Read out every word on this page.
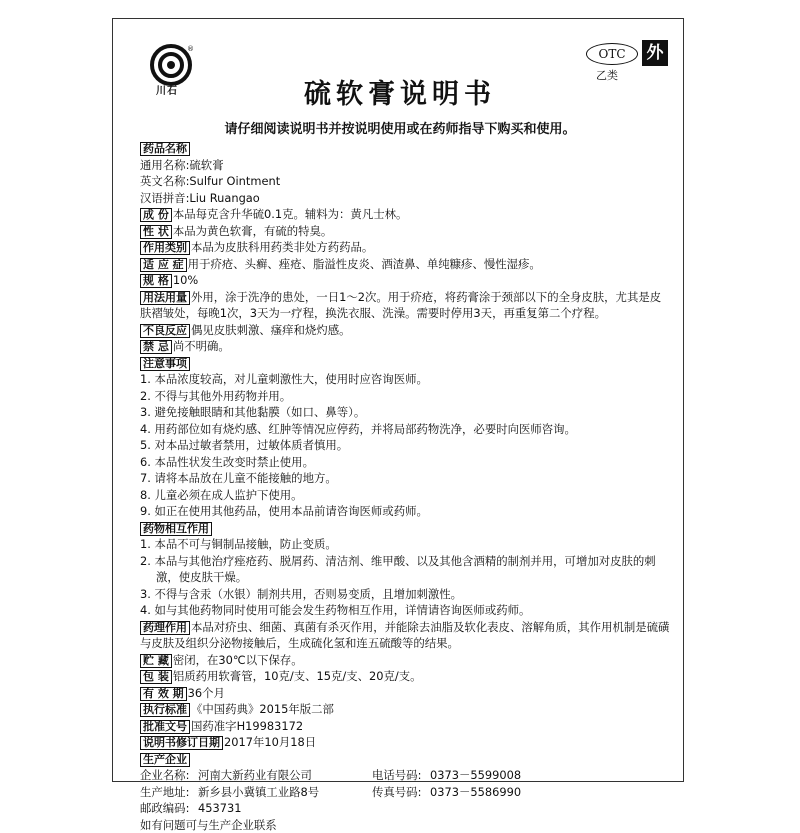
®
川石
OTC	外
乙类
硫软膏说明书
请仔细阅读说明书并按说明使用或在药师指导下购买和使用。
药品名称
通用名称:硫软膏
英文名称:Sulfur Ointment
汉语拼音:Liu Ruangao
成 份 本品每克含升华硫0.1克。辅料为：黄凡士林。
性 状 本品为黄色软膏，有硫的特臭。
作用类别 本品为皮肤科用药类非处方药药品。
适 应 症 用于疥疮、头癣、痤疮、脂溢性皮炎、酒渣鼻、单纯糠疹、慢性湿疹。
规 格 10%
用法用量 外用，涂于洗净的患处，一日1～2次。用于疥疮，将药膏涂于颈部以下的全身皮肤，尤其是皮肤褶皱处，每晚1次，3天为一疗程，换洗衣服、洗澡。需要时停用3天，再重复第二个疗程。
不良反应 偶见皮肤刺激、瘙痒和烧灼感。
禁 忌 尚不明确。
注意事项
1. 本品浓度较高，对儿童刺激性大，使用时应咨询医师。
2. 不得与其他外用药物并用。
3. 避免接触眼睛和其他黏膜（如口、鼻等）。
4. 用药部位如有烧灼感、红肿等情况应停药，并将局部药物洗净，必要时向医师咨询。
5. 对本品过敏者禁用，过敏体质者慎用。
6. 本品性状发生改变时禁止使用。
7. 请将本品放在儿童不能接触的地方。
8. 儿童必须在成人监护下使用。
9. 如正在使用其他药品，使用本品前请咨询医师或药师。
药物相互作用
1. 本品不可与铜制品接触，防止变质。
2. 本品与其他治疗痤疮药、脱屑药、清洁剂、维甲酸、以及其他含酒精的制剂并用，可增加对皮肤的刺激，使皮肤干燥。
3. 不得与含汞（水银）制剂共用，否则易变质，且增加刺激性。
4. 如与其他药物同时使用可能会发生药物相互作用，详情请咨询医师或药师。
药理作用 本品对疥虫、细菌、真菌有杀灭作用，并能除去油脂及软化表皮、溶解角质，其作用机制是硫磺与皮肤及组织分泌物接触后，生成硫化氢和连五硫酸等的结果。
贮 藏 密闭，在30℃以下保存。
包 装 铝质药用软膏管，10克/支、15克/支、20克/支。
有 效 期 36个月
执行标准 《中国药典》2015年版二部
批准文号 国药准字H19983172
说明书修订日期 2017年10月18日
生产企业
企业名称: 河南大新药业有限公司
生产地址: 新乡县小冀镇工业路8号
邮政编码: 453731
电话号码: 0373－5599008
传真号码: 0373－5586990
如有问题可与生产企业联系
